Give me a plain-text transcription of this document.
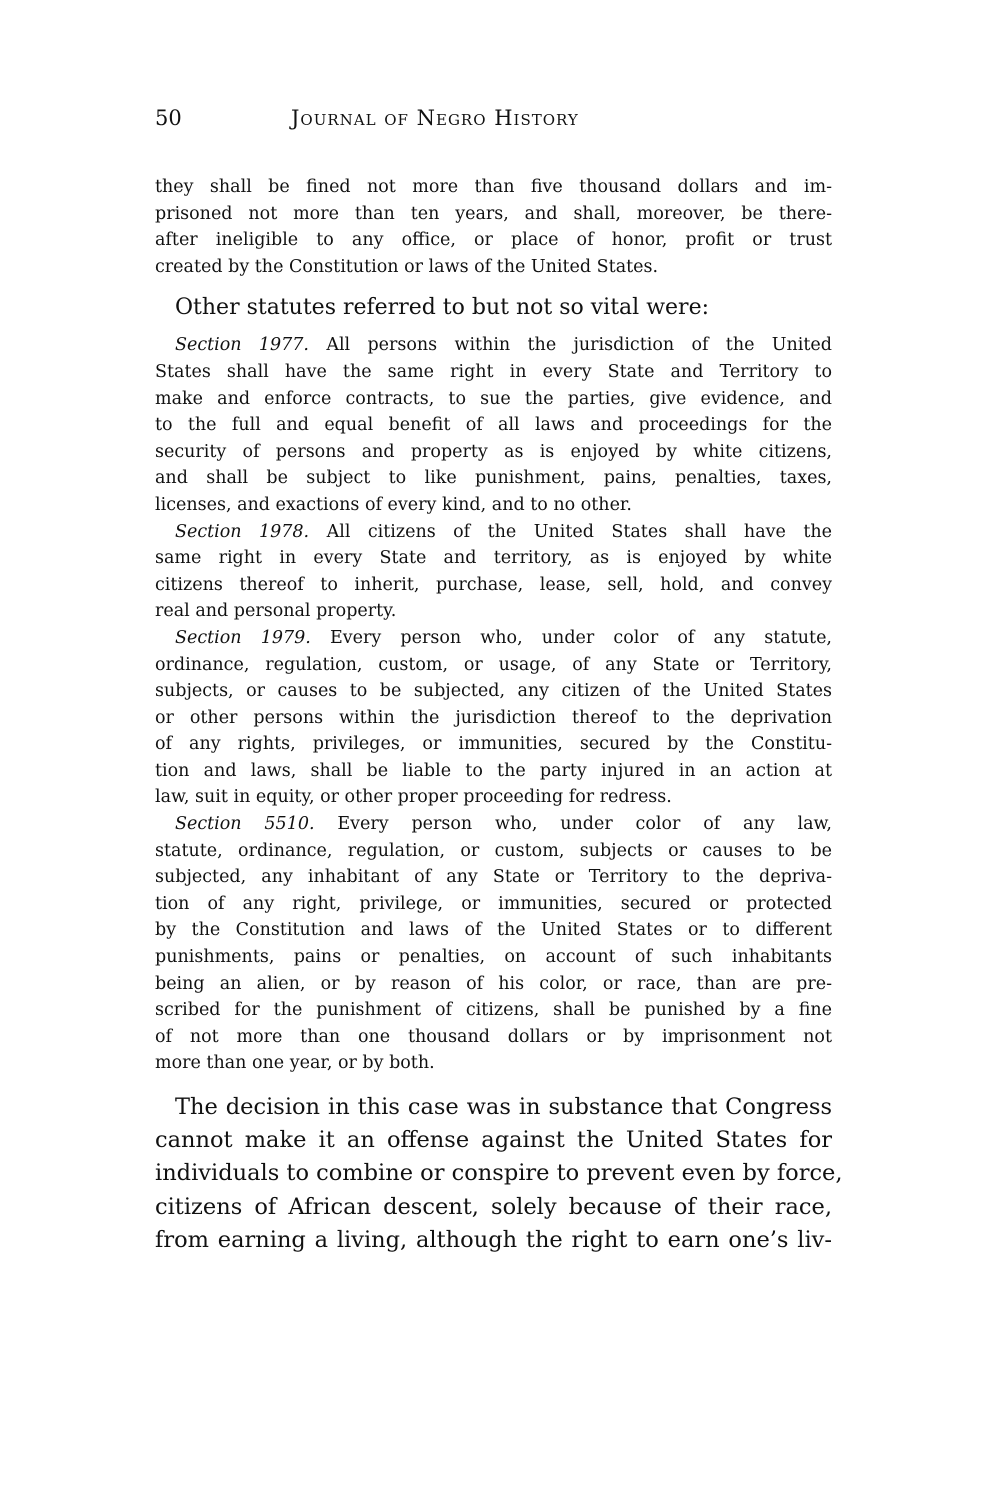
50	Journal of Negro History
they shall be fined not more than five thousand dollars and im-
prisoned not more than ten years, and shall, moreover, be there-
after ineligible to any office, or place of honor, profit or trust
created by the Constitution or laws of the United States.
Other statutes referred to but not so vital were:
Section 1977. All persons within the jurisdiction of the United
States shall have the same right in every State and Territory to
make and enforce contracts, to sue the parties, give evidence, and
to the full and equal benefit of all laws and proceedings for the
security of persons and property as is enjoyed by white citizens,
and shall be subject to like punishment, pains, penalties, taxes,
licenses, and exactions of every kind, and to no other.
Section 1978. All citizens of the United States shall have the
same right in every State and territory, as is enjoyed by white
citizens thereof to inherit, purchase, lease, sell, hold, and convey
real and personal property.
Section 1979. Every person who, under color of any statute,
ordinance, regulation, custom, or usage, of any State or Territory,
subjects, or causes to be subjected, any citizen of the United States
or other persons within the jurisdiction thereof to the deprivation
of any rights, privileges, or immunities, secured by the Constitu-
tion and laws, shall be liable to the party injured in an action at
law, suit in equity, or other proper proceeding for redress.
Section 5510. Every person who, under color of any law,
statute, ordinance, regulation, or custom, subjects or causes to be
subjected, any inhabitant of any State or Territory to the depriva-
tion of any right, privilege, or immunities, secured or protected
by the Constitution and laws of the United States or to different
punishments, pains or penalties, on account of such inhabitants
being an alien, or by reason of his color, or race, than are pre-
scribed for the punishment of citizens, shall be punished by a fine
of not more than one thousand dollars or by imprisonment not
more than one year, or by both.
The decision in this case was in substance that Congress
cannot make it an offense against the United States for
individuals to combine or conspire to prevent even by force,
citizens of African descent, solely because of their race,
from earning a living, although the right to earn one’s liv-
